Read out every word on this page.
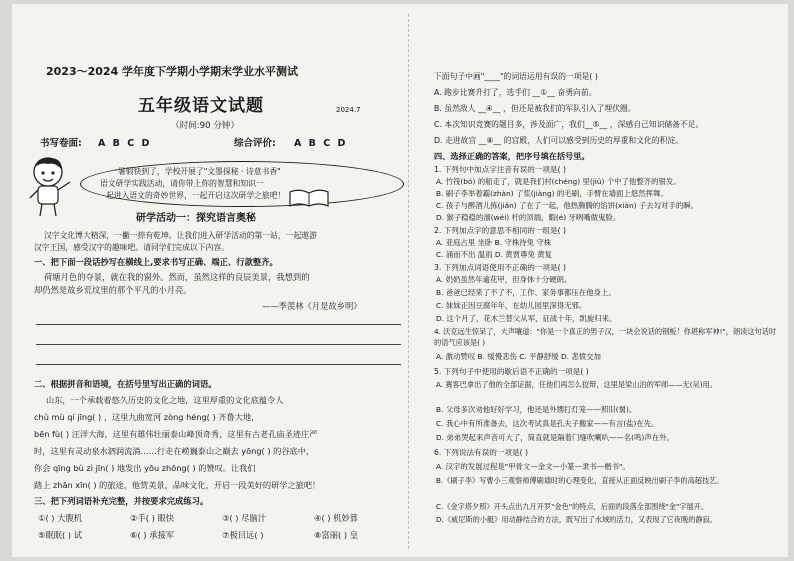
2023～2024 学年度下学期小学期末学业水平测试
五年级语文试题	2024.7
（时间:90 分钟）
书写卷面: A B C D	综合评价: A B C D
暑假快到了，学校开展了"文墨探秘 · 诗意书香"
语文研学实践活动，请你带上你的智慧和知识一
起进入语文的奇妙世界，一起开启这次研学之旅吧！
研学活动一：探究语言奥秘
汉字文化博大精深，一撇一捺有乾坤。让我们进入研学活动的第一站，一起遨游
汉字王国，感受汉字的趣味吧。请同学们完成以下内容。
一、把下面一段话抄写在横线上,要求书写正确、端正、行款整齐。
荷塘月色的夺景，就在我的窗外。然而，虽然这样的良辰美景，我想到的
却仍然是故乡荒坟里的那个平凡的小月亮。
——季羡林《月是故乡明》
二、根据拼音和语境，在括号里写出正确的词语。
山东，一个承载着悠久历史的文化之地，这里厚重的文化底蕴令人
chù mù qí jīng( ) ，这里九曲宽河 zòng héng( ) 齐鲁大地，
bēn fù( ) 汪洋大海，这里有雄伟壮丽泰山峰顶奇秀，这里有古老孔庙圣迹庄严
时，这里有灵动泉水泗润流淌……行走在崂巍泰山之巅去 yōng( ) 的谷底中，
你会 qīng bù zì jīn( ) 地发出 yōu zhōng( ) 的赞叹。让我们
踏上 zhān xīn( ) 的旅途，他赏美景，品味文化，开启一段美好的研学之旅吧！
三、把下列词语补充完整，并按要求完成练习。
①( ) 大腹机	②手( ) 眼快	③( ) 尽脑汁	④( ) 机妙算
⑤眠眠( ) 试	⑥( ) 承接军	⑦极目远( )	⑧富丽( ) 皇
下面句子中画"____"的词语运用有误的一项是( )
A. 跑步比赛升打了，选手们 __①__ 奋勇向前。
B. 虽然敌人 __④__ ，但还是被我们的军队引入了埋伏圈。
C. 本次知识竞赛的题目多，涉及面广，我们__⑤__ ，深感自己知识储备不足。
D. 走进故宫 __⑧__ 的宫殿，人们可以感受到历史的厚重和文化的积淀。
四、选择正确的答案，把序号填在括号里。
1. 下列句中加点字注音有误的一项是( )
A. 竹筏(bó) 的船走了，就是我们村(chéng) 里(jiǔ) 个中了他整齐的银发。
B. 刷子李举着霸(zhàn) 了浆(jiàng) 的毛刷，手臂在墙面上悠然挥舞。
C. 孩子与醉酒儿拣(jiǎn) 了在了一起，他热腾腾的馅饼(xiàn) 子去勾对手的瞬。
D. 猴子稳稳的溜(wéi) 杆的顶端，暇(é) 牙咧嘴做鬼脸。
2. 下列加点字的意思不相同的一组是( )
A. 亚庭占里 坐卧 B. 守株待兔 守株
C. 涌而不出 温雨 D. 黄贾尊兔 黄复
3. 下列加点词语使用不正确的一项是( )
A. 奶奶虽然年逾花甲，但身体十分硬朗。
B. 爸爸已经来了不了不，工作、家务事都压在他身上。
C. 妹妹正因豆腐年年，在幼儿园里深得无邪。
D. 这个月了，花木兰替父从军，征战十年，凯旋归来。
4. 沃克远生惊呆了，大声嚷道："你是一个真正的男子汉，一块会说话的钢板！你堪称军神!"，朗读这句话时的语气应该是( )
A. 激动赞叹 B. 缓慢悲伤 C. 平静舒缓 D. 悲愤交加
5. 下列句子中使用的歇后语不正确的一项是( )
A. 赛客巴拿出了他的全部证据，任他们再怎么狡辩，这里是梁山泊的军师——无(吴)用。
B. 父母多次劝他好好学习，他还是外甥打灯笼——照旧(舅)。
C. 我心中有所准备去，这次考试真是孔夫子搬家——有言(盐)在先。
D. 弟弟哭起来声音可大了，简直就是隔着门缝吹喇叭——名(鸣)声在外。
6. 下列说法有误的一项是( )
A. 汉字的发展过程是"甲骨文—金文—小篆—隶书—楷书"。
B.《刷子李》写曹小三观察师傅刷墙时的心理变化，直接从正面反映出刷子李的高超技艺。
C.《金字塔夕照》开头点出九月开罗"金色"的特点，后面的段落全部围绕"金"字展开。
D.《威尼斯的小艇》用动静结合的方法，既写出了水域的活力，又表现了它夜晚的静寂。
